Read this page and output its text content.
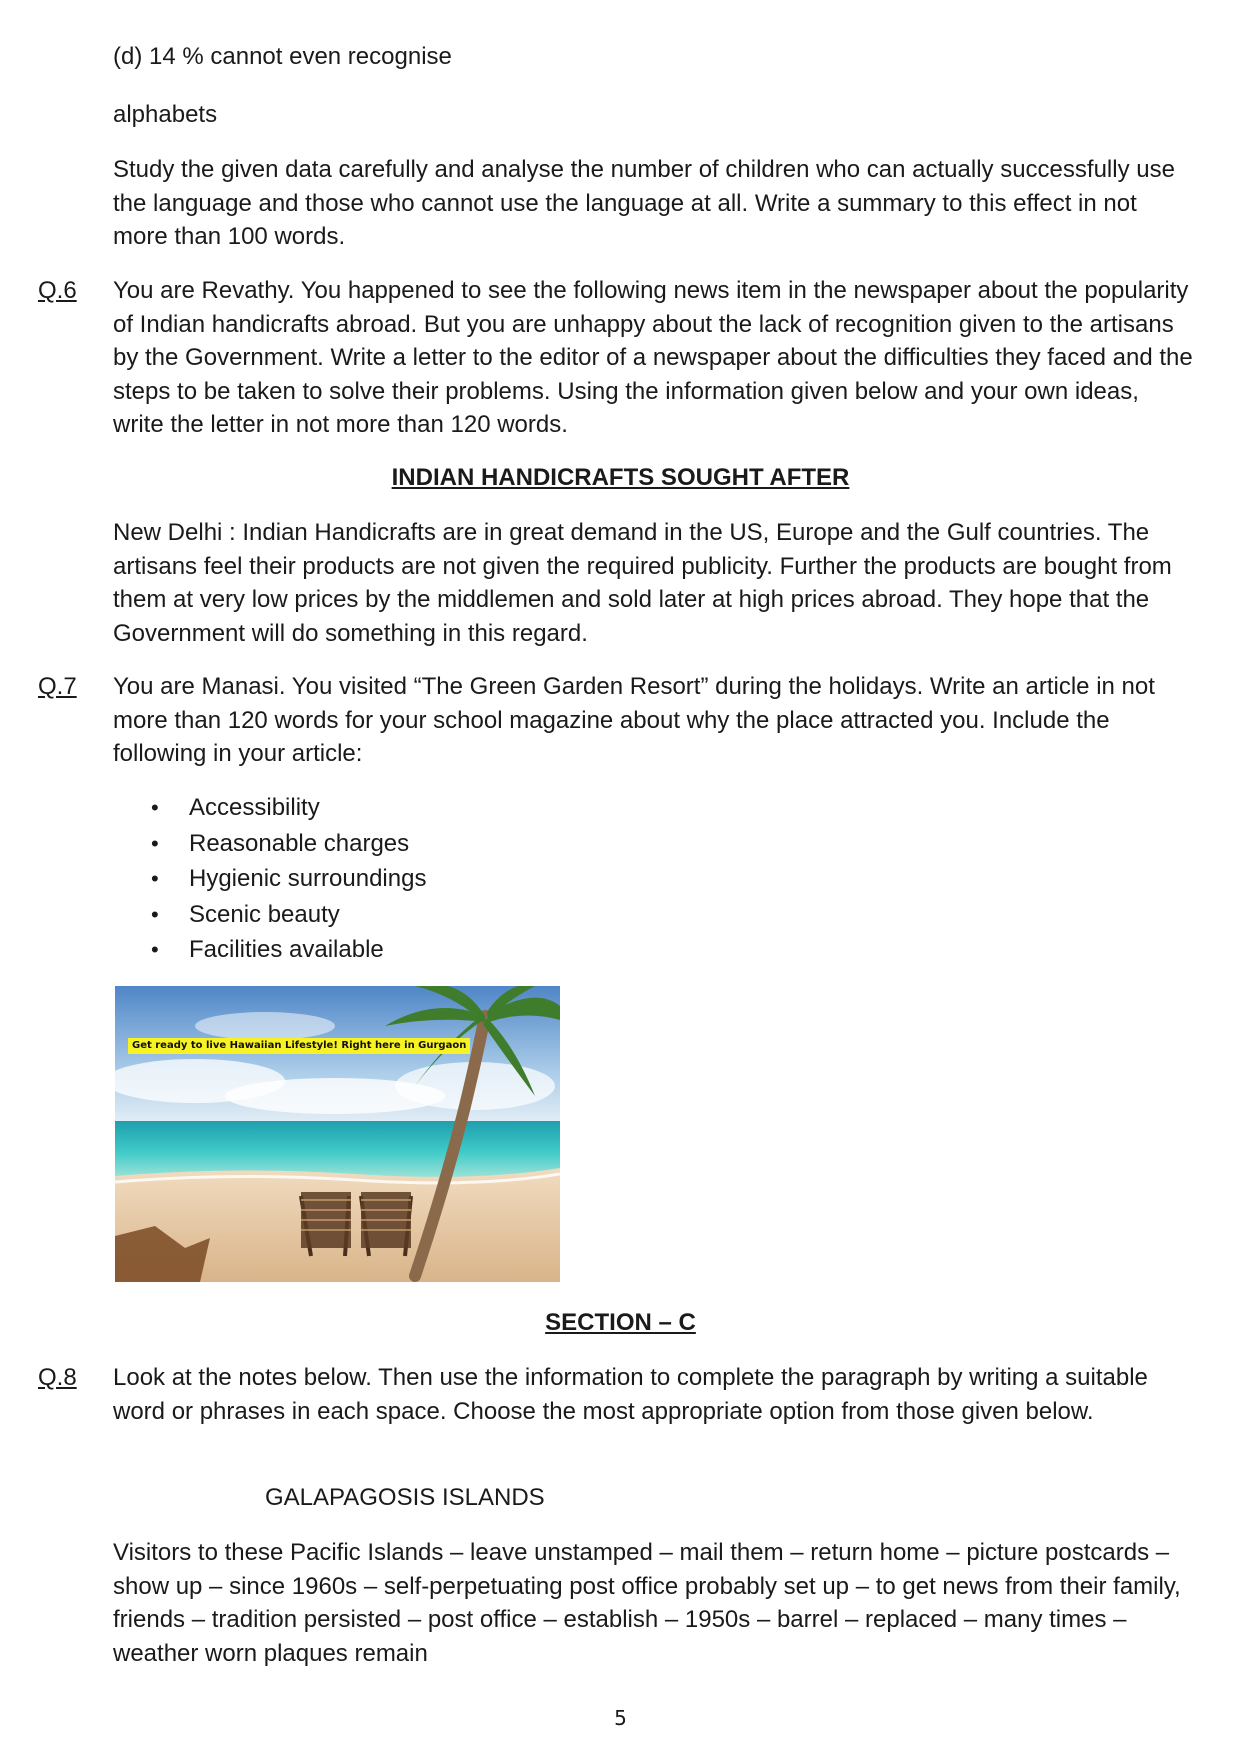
(d) 14 % cannot even recognise

alphabets

Study the given data carefully and analyse the number of children who can actually successfully use the language and those who cannot use the language at all. Write a summary to this effect in not more than 100 words.

Q.6 You are Revathy. You happened to see the following news item in the newspaper about the popularity of Indian handicrafts abroad. But you are unhappy about the lack of recognition given to the artisans by the Government. Write a letter to the editor of a newspaper about the difficulties they faced and the steps to be taken to solve their problems. Using the information given below and your own ideas, write the letter in not more than 120 words.

INDIAN HANDICRAFTS SOUGHT AFTER

New Delhi : Indian Handicrafts are in great demand in the US, Europe and the Gulf countries. The artisans feel their products are not given the required publicity. Further the products are bought from them at very low prices by the middlemen and sold later at high prices abroad. They hope that the Government will do something in this regard.

Q.7 You are Manasi. You visited “The Green Garden Resort” during the holidays. Write an article in not more than 120 words for your school magazine about why the place attracted you. Include the following in your article:

• Accessibility
• Reasonable charges
• Hygienic surroundings
• Scenic beauty
• Facilities available
Get ready to live Hawaiian Lifestyle! Right here in Gurgaon

SECTION – C

Q.8 Look at the notes below. Then use the information to complete the paragraph by writing a suitable word or phrases in each space. Choose the most appropriate option from those given below.

GALAPAGOSIS ISLANDS

Visitors to these Pacific Islands – leave unstamped – mail them – return home – picture postcards – show up – since 1960s – self-perpetuating post office probably set up – to get news from their family, friends – tradition persisted – post office – establish – 1950s – barrel – replaced – many times – weather worn plaques remain

5
